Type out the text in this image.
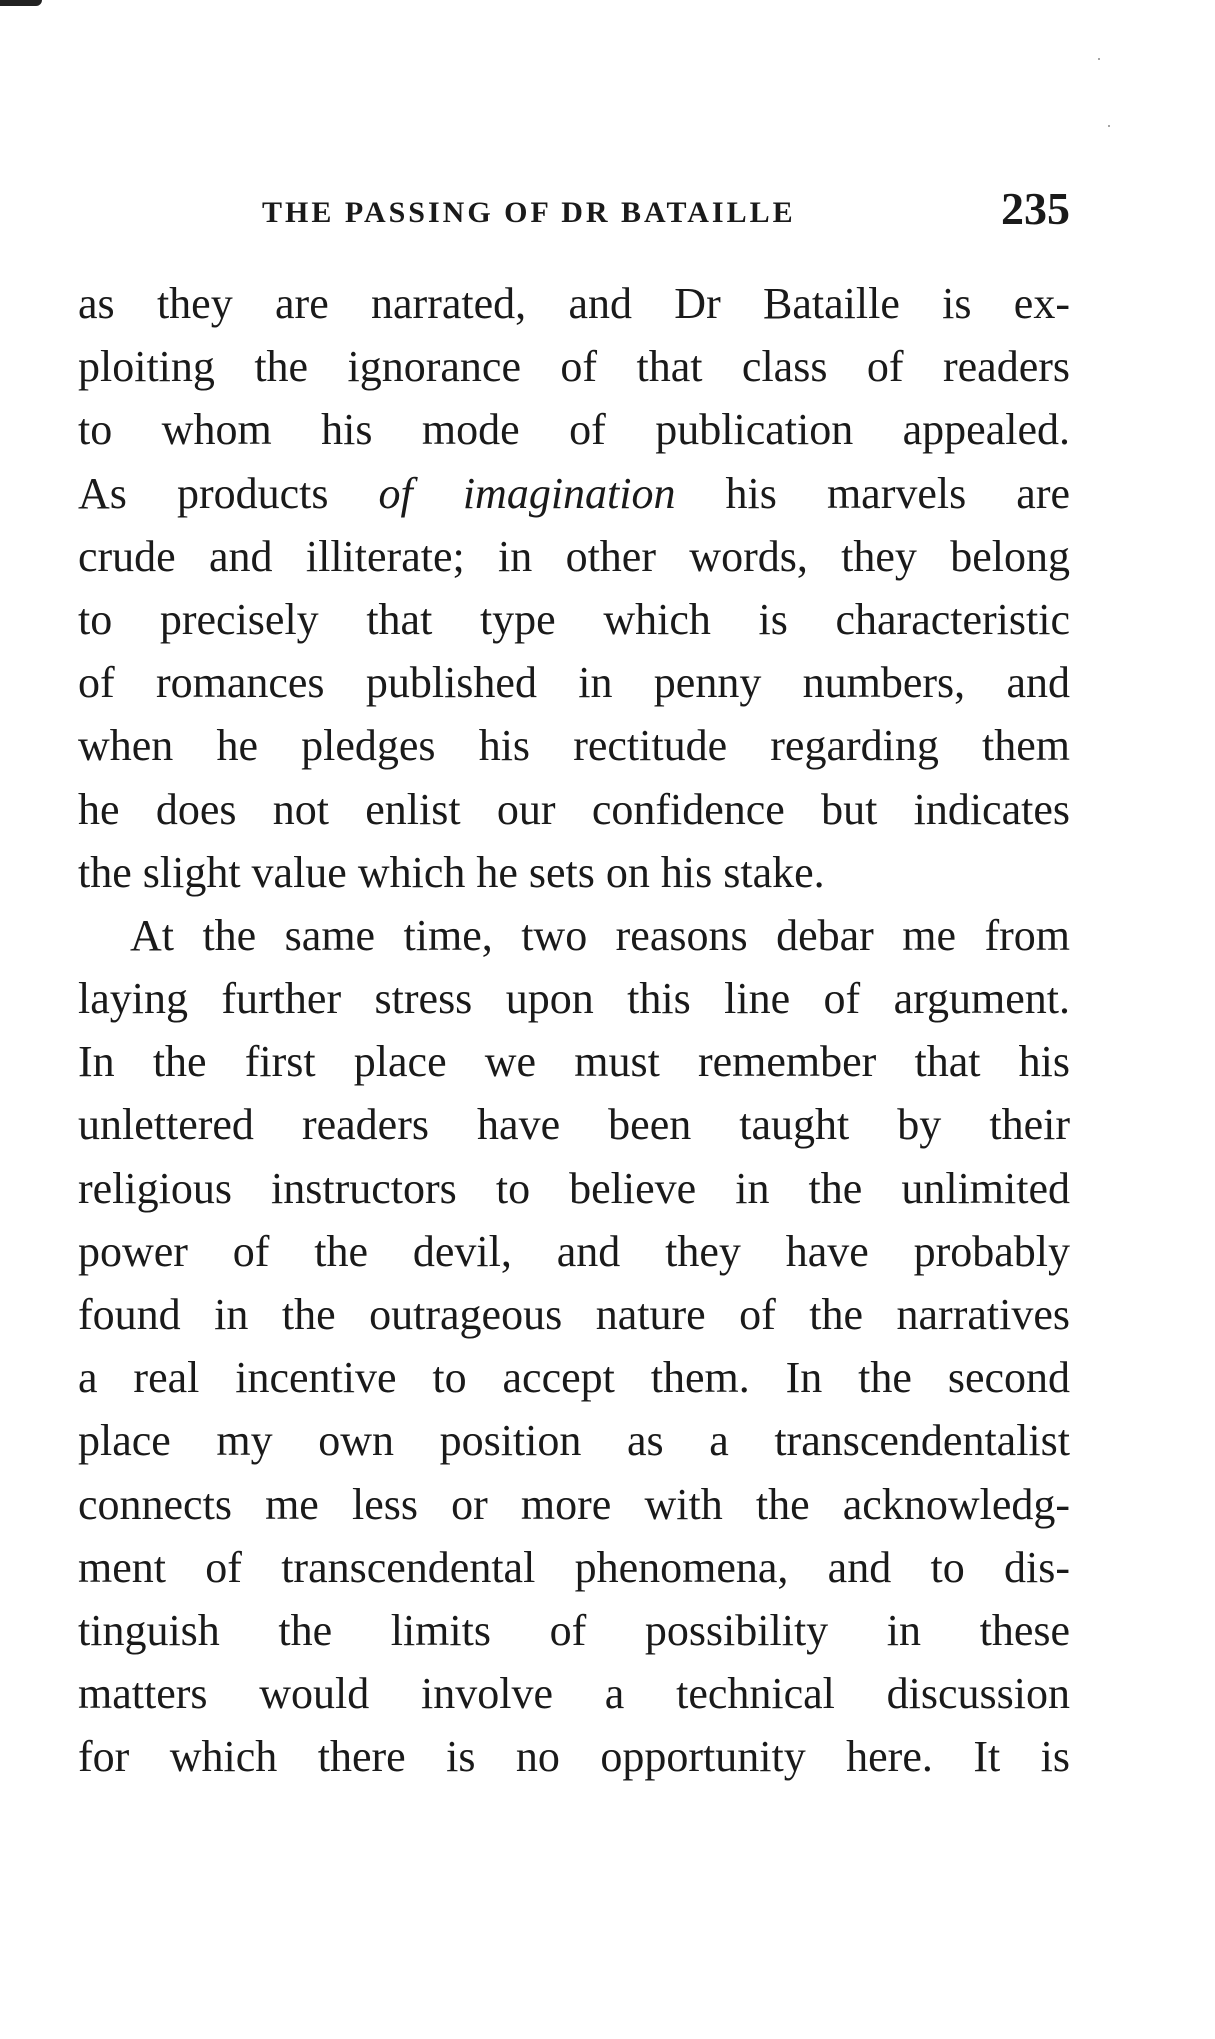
THE PASSING OF DR BATAILLE	235
as they are narrated, and Dr Bataille is ex-
ploiting the ignorance of that class of readers
to whom his mode of publication appealed.
As products of imagination his marvels are
crude and illiterate; in other words, they belong
to precisely that type which is characteristic
of romances published in penny numbers, and
when he pledges his rectitude regarding them
he does not enlist our confidence but indicates
the slight value which he sets on his stake.
At the same time, two reasons debar me from
laying further stress upon this line of argument.
In the first place we must remember that his
unlettered readers have been taught by their
religious instructors to believe in the unlimited
power of the devil, and they have probably
found in the outrageous nature of the narratives
a real incentive to accept them. In the second
place my own position as a transcendentalist
connects me less or more with the acknowledg-
ment of transcendental phenomena, and to dis-
tinguish the limits of possibility in these
matters would involve a technical discussion
for which there is no opportunity here. It is
